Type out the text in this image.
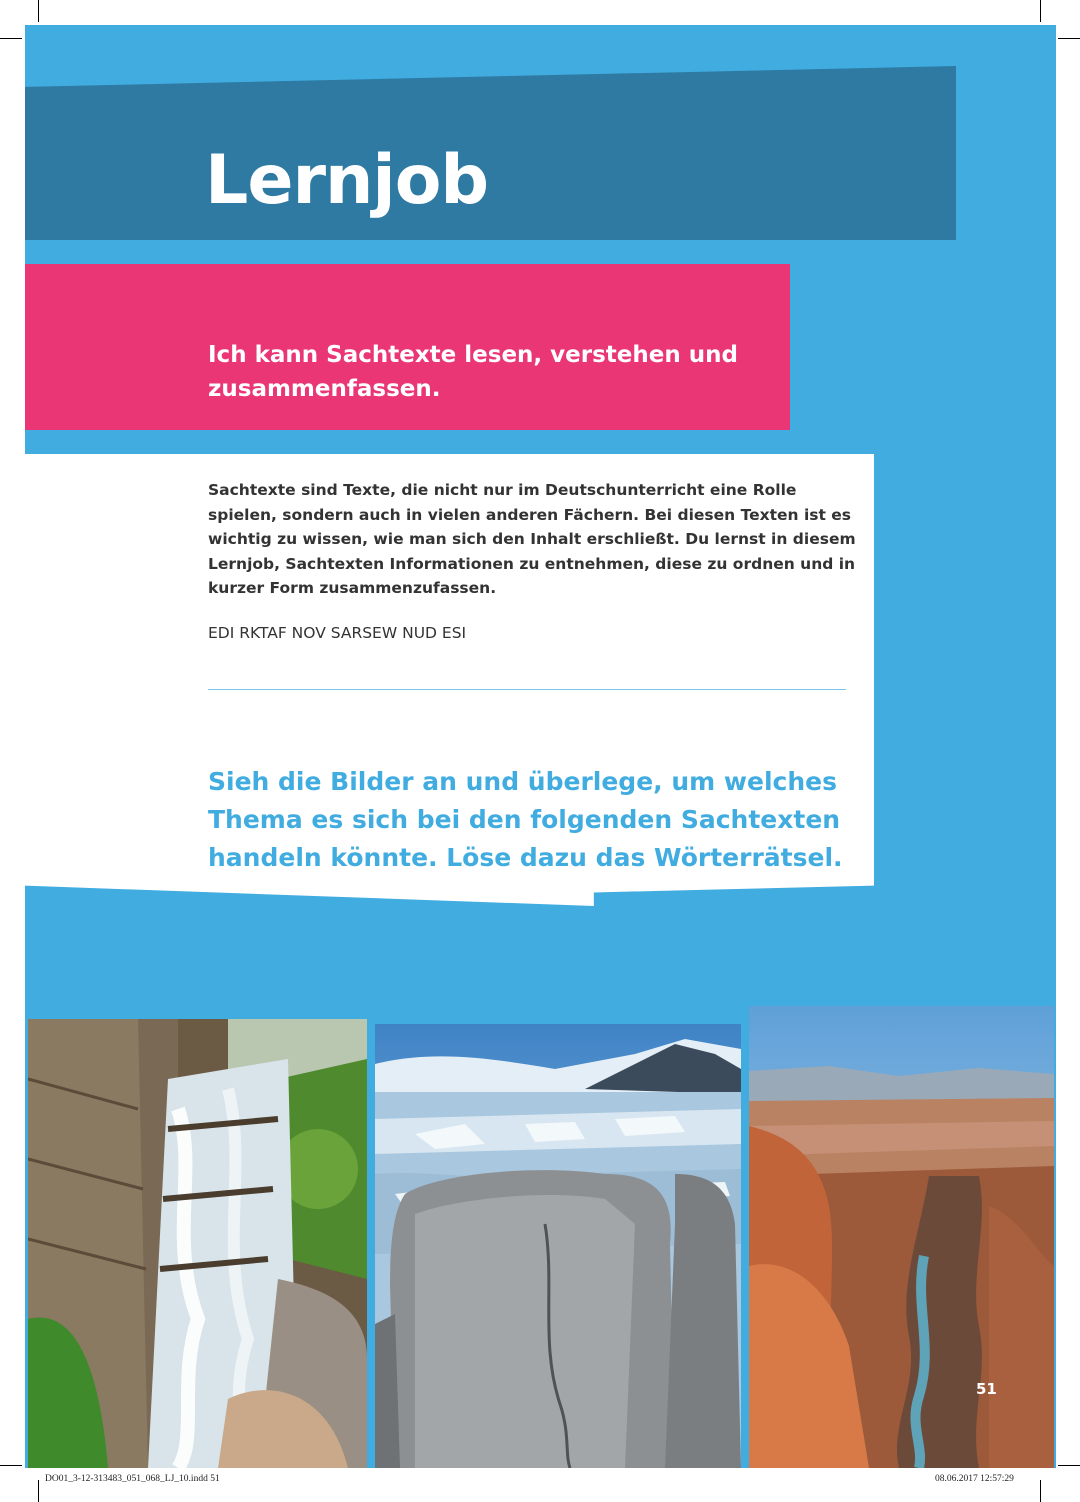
Lernjob

Ich kann Sachtexte lesen, verstehen und zusammenfassen.

Sachtexte sind Texte, die nicht nur im Deutschunterricht eine Rolle spielen, sondern auch in vielen anderen Fächern. Bei diesen Texten ist es wichtig zu wissen, wie man sich den Inhalt erschließt. Du lernst in diesem Lernjob, Sachtexten Informationen zu entnehmen, diese zu ordnen und in kurzer Form zusammenzufassen.

EDI RKTAF NOV SARSEW NUD ESI

Sieh die Bilder an und überlege, um welches Thema es sich bei den folgenden Sachtexten handeln könnte. Löse dazu das Wörterrätsel.

51
DO01_3-12-313483_051_068_LJ_10.indd 51	08.06.2017 12:57:29
